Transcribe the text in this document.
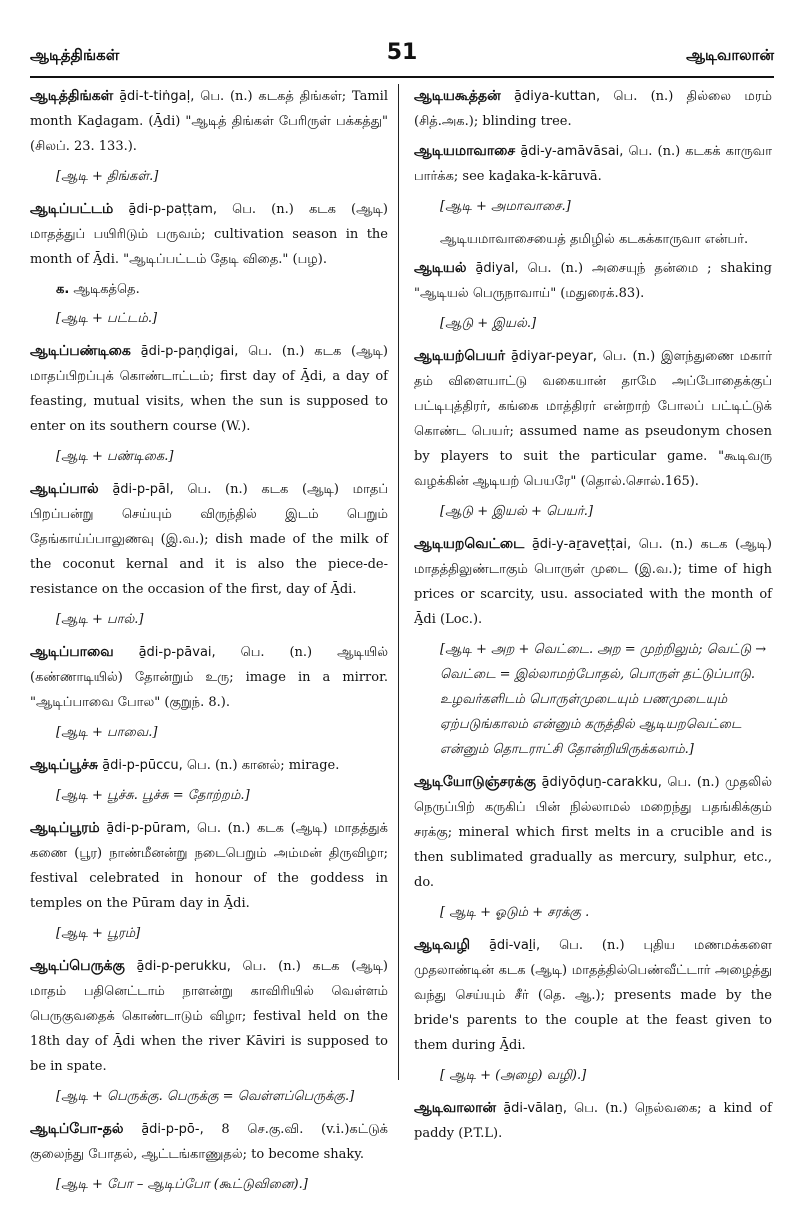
ஆடித்திங்கள்	51	ஆடிவாலான்
ஆடித்திங்கள் ā̱di-t-tiṅgaḷ, பெ. (n.) கடகத் திங்கள்; Tamil month Kaḏagam. (Ā̱di) "ஆடித் திங்கள் பேரிருள் பக்கத்து" (சிலப். 23. 133.).
[ஆடி + திங்கள்.]
ஆடிப்பட்டம் ā̱di-p-paṭṭam, பெ. (n.) கடக (ஆடி) மாதத்துப் பயிரிடும் பருவம்; cultivation season in the month of Ā̱di. "ஆடிப்பட்டம் தேடி விதை." (பழ).
க. ஆடிகத்தெ.
[ஆடி + பட்டம்.]
ஆடிப்பண்டிகை ā̱di-p-paṇḍigai, பெ. (n.) கடக (ஆடி) மாதப்பிறப்புக் கொண்டாட்டம்; first day of Ā̱di, a day of feasting, mutual visits, when the sun is supposed to enter on its southern course (W.).
[ஆடி + பண்டிகை.]
ஆடிப்பால் ā̱di-p-pāl, பெ. (n.) கடக (ஆடி) மாதப் பிறப்பன்று செய்யும் விருந்தில் இடம் பெறும் தேங்காய்ப்பாலுணவு (இ.வ.); dish made of the milk of the coconut kernal and it is also the piece-de-resistance on the occasion of the first, day of Ā̱di.
[ஆடி + பால்.]
ஆடிப்பாவை ā̱di-p-pāvai, பெ. (n.) ஆடியில் (கண்ணாடியில்) தோன்றும் உரு; image in a mirror. "ஆடிப்பாவை போல" (குறுந். 8.).
[ஆடி + பாவை.]
ஆடிப்பூச்சு ā̱di-p-pūccu, பெ. (n.) கானல்; mirage.
[ஆடி + பூச்சு. பூச்சு = தோற்றம்.]
ஆடிப்பூரம் ā̱di-p-pūram, பெ. (n.) கடக (ஆடி) மாதத்துக் கணை (பூர) நாண்மீனன்று நடைபெறும் அம்மன் திருவிழா; festival celebrated in honour of the goddess in temples on the Pūram day in Ā̱di.
[ஆடி + பூரம்]
ஆடிப்பெருக்கு ā̱di-p-perukku, பெ. (n.) கடக (ஆடி) மாதம் பதினெட்டாம் நாளன்று காவிரியில் வெள்ளம் பெருகுவதைக் கொண்டாடும் விழா; festival held on the 18th day of Ā̱di when the river Kāviri is supposed to be in spate.
[ஆடி + பெருக்கு. பெருக்கு = வெள்ளப்பெருக்கு.]
ஆடிப்போ-தல் ā̱di-p-pō-, 8 செ.கு.வி. (v.i.)கட்டுக் குலைந்து போதல், ஆட்டங்காணுதல்; to become shaky.
[ஆடி + போ – ஆடிப்போ (கூட்டுவினை).]
ஆடியகூத்தன் ā̱diya-kuttan, பெ. (n.) தில்லை மரம் (சித்.அக.); blinding tree.
ஆடியமாவாசை ā̱di-y-amāvāsai, பெ. (n.) கடகக் காருவா பார்க்க; see kaḏaka-k-kāruvā.
[ஆடி + அமாவாசை.]
ஆடியமாவாசையைத் தமிழில் கடகக்காருவா என்பர்.
ஆடியல் ā̱diyal, பெ. (n.) அசையுந் தன்மை ; shaking "ஆடியல் பெருநாவாய்" (மதுரைக்.83).
[ஆடு + இயல்.]
ஆடியற்பெயர் ā̱diyar-peyar, பெ. (n.) இளந்துணை மகார் தம் விளையாட்டு வகையான் தாமே அப்போதைக்குப் பட்டிபுத்திரர், கங்கை மாத்திரர் என்றாற் போலப் பட்டிட்டுக் கொண்ட பெயர்; assumed name as pseudonym chosen by players to suit the particular game. "கூடிவரு வழக்கின் ஆடியற் பெயரே" (தொல்.சொல்.165).
[ஆடு + இயல் + பெயர்.]
ஆடியறவெட்டை ā̱di-y-aṟaveṭṭai, பெ. (n.) கடக (ஆடி) மாதத்திலுண்டாகும் பொருள் முடை (இ.வ.); time of high prices or scarcity, usu. associated with the month of Ā̱di (Loc.).
[ஆடி + அற + வெட்டை. அற = முற்றிலும்; வெட்டு → வெட்டை = இல்லாமற்போதல், பொருள் தட்டுப்பாடு. உழவர்களிடம் பொருள்முடையும் பணமுடையும் ஏற்படுங்காலம் என்னும் கருத்தில் ஆடியறவெட்டை என்னும் தொடராட்சி தோன்றியிருக்கலாம்.]
ஆடியோடுஞ்சரக்கு ā̱diyōḍuṉ-carakku, பெ. (n.) முதலில் நெருப்பிற் கருகிப் பின் நில்லாமல் மறைந்து பதங்கிக்கும் சரக்கு; mineral which first melts in a crucible and is then sublimated gradually as mercury, sulphur, etc., do.
[ ஆடி + ஓடும் + சரக்கு .
ஆடிவழி ā̱di-vaḻi, பெ. (n.) புதிய மணமக்களை முதலாண்டின் கடக (ஆடி) மாதத்தில்பெண்வீட்டார் அழைத்து வந்து செய்யும் சீர் (தெ. ஆ.); presents made by the bride's parents to the couple at the feast given to them during Ā̱di.
[ ஆடி + (அழை) வழி).]
ஆடிவாலான் ā̱di-vālaṉ, பெ. (n.) நெல்வகை; a kind of paddy (P.T.L).
